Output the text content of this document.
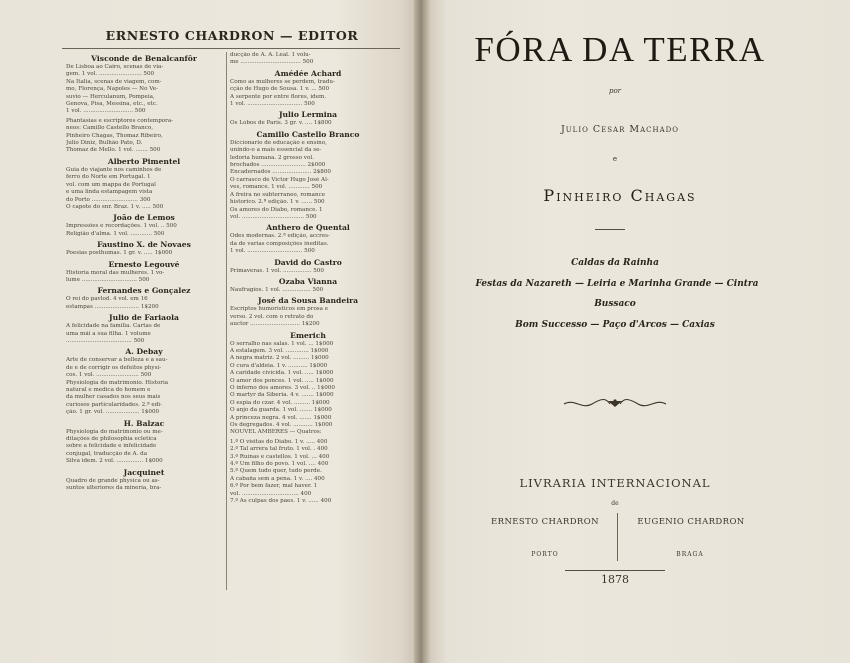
ERNESTO CHARDRON — EDITOR
Visconde de Benalcanfôr
De Lisboa ao Cairo, scenas de via-
gem. 1 vol. ........................ 500
Na Italia, scenas de viagem, com-
mo, Florença, Napoles — No Ve-
suvio — Herculanum, Pompeia,
Genova, Pisa, Messina, etc., etc.
1 vol. ............................ 500
Phantasias e escriptores contempora-
neos: Camillo Castello Branco,
Pinheiro Chagas, Thomaz Ribeiro,
Julio Diniz, Bulhão Pato, D.
Thomaz de Mello. 1 vol. ....... 500
Alberto Pimentel
Guia do viajante nos caminhos de
ferro do Norte em Portugal. 1
vol. com um mappa de Portugal
e uma linda estampagem vista
do Porto .......................... 300
O capote do snr. Braz. 1 v. ..... 500
João de Lemos
Impressões e recordações. 1 vol. .. 500
Religião d'alma. 1 vol. ............ 500
Faustino X. de Novaes
Poesias posthumas. 1 gr. v. ..... 1$000
Ernesto Legouvé
Historia moral das mulheres. 1 vo-
lume ............................... 500
Fernandes e Gonçalez
O rei do pavlod. 4 vol. em 16
estampas ......................... 1$200
Julio de Fariaola
A felicidade na familia. Cartas de
uma mãi a sua filha. 1 volume
..................................... 500
A. Debay
Arte de conservar a belleza e a sau-
de e de corrigir os defeitos physi-
cos. 1 vol. ........................ 500
Physiologia do matrimonio. Historia
natural e medica do homem e
da mulher casados nos seus mais
curiosos particularidades. 2.ª edi-
ção. 1 gr. vol. ................... 1$000
H. Balzac
Physiologia do matrimonio ou me-
ditações de philosophia ecletica
sobre a felicidade e infelicidade
conjugal, traducção de A. da
Silva idem. 2 vol. ............... 1$000
Jacquinet
Quadro de grande physica ou as-
suntos ulteriores da mineria, bra-
ducção de A. A. Leal. 1 volu-
me .................................. 500
Amédée Achard
Como as mulheres se perdem, tradu-
cção de Hugo de Sousa. 1 v. ... 500
A serpente por entre flores, idem.
1 vol. ............................... 500
Julio Lermina
Os Lobos de Paris. 3 gr. v. .... 1$800
Camillo Castello Branco
Diccionario de educação e ensino,
unindo-o a mais essencial da se-
ledoria humana. 2 grosso vol.
brochados ......................... 2$000
Encadernados ...................... 2$800
O carrasco de Victor Hugo José Al-
ves, romance. 1 vol. ............ 500
A freira no subterraneo, romance
historico. 2.ª edição. 1 v. ...... 500
Os amores do Diabo, romance. 1
vol. ................................... 500
Anthero de Quental
Odes modernas. 2.ª edição, accres-
da de varias composições ineditas.
1 vol. ............................... 500
David do Castro
Primaveras. 1 vol. ................ 500
Ozaba Vianna
Naufragios. 1 vol. ................ 500
José da Sousa Bandeira
Escriptos humoristicos em prosa e
verso. 2 vol. com o retrato do
auctor ............................ 1$200
Emerich
O serralho nas salas. 1 vol. ... 1$000
A estalagem. 3 vol. ............. 1$000
A negra matriz. 2 vol. ......... 1$000
O cura d'aldeia. 1 v. ........... 1$000
A caridade civicida. 1 vol. ..... 1$000
O amor dos ponces. 1 vol. ..... 1$000
O inferno dos amores. 3 vol. .. 1$000
O martyr da Siberia. 4 v. ....... 1$000
O espia do czar. 4 vol. ......... 1$000
O anjo da guarda. 1 vol. ....... 1$000
A princeza negra. 4 vol. ....... 1$000
Os degregados. 4 vol. ........... 1$000
NOUVEL AMBERES — Quatros:
1.º O visitas do Diabo. 1 v. ..... 400
2.º Tal arrera tal fruto. 1 vol. . 400
3.º Ruínas e castellos. 1 vol. ... 400
4.º Um filho do povo. 1 vol. .... 400
5.º Quem tudo quer, tudo perde.
A cabaña sem a pena. 1 v. .... 400
6.º Por bem fazer, mal haver. 1
vol. ................................ 400
7.º As culpas dos paes. 1 v. ...... 400
FÓRA DA TERRA
por
Julio Cesar Machado
e
Pinheiro Chagas
Caldas da Rainha
Festas da Nazareth — Leiria e Marinha Grande — Cintra
Bussaco
Bom Successo — Paço d'Arcos — Caxias
LIVRARIA INTERNACIONAL
de
ERNESTO CHARDRON	EUGENIO CHARDRON
PORTO	BRAGA
1878
